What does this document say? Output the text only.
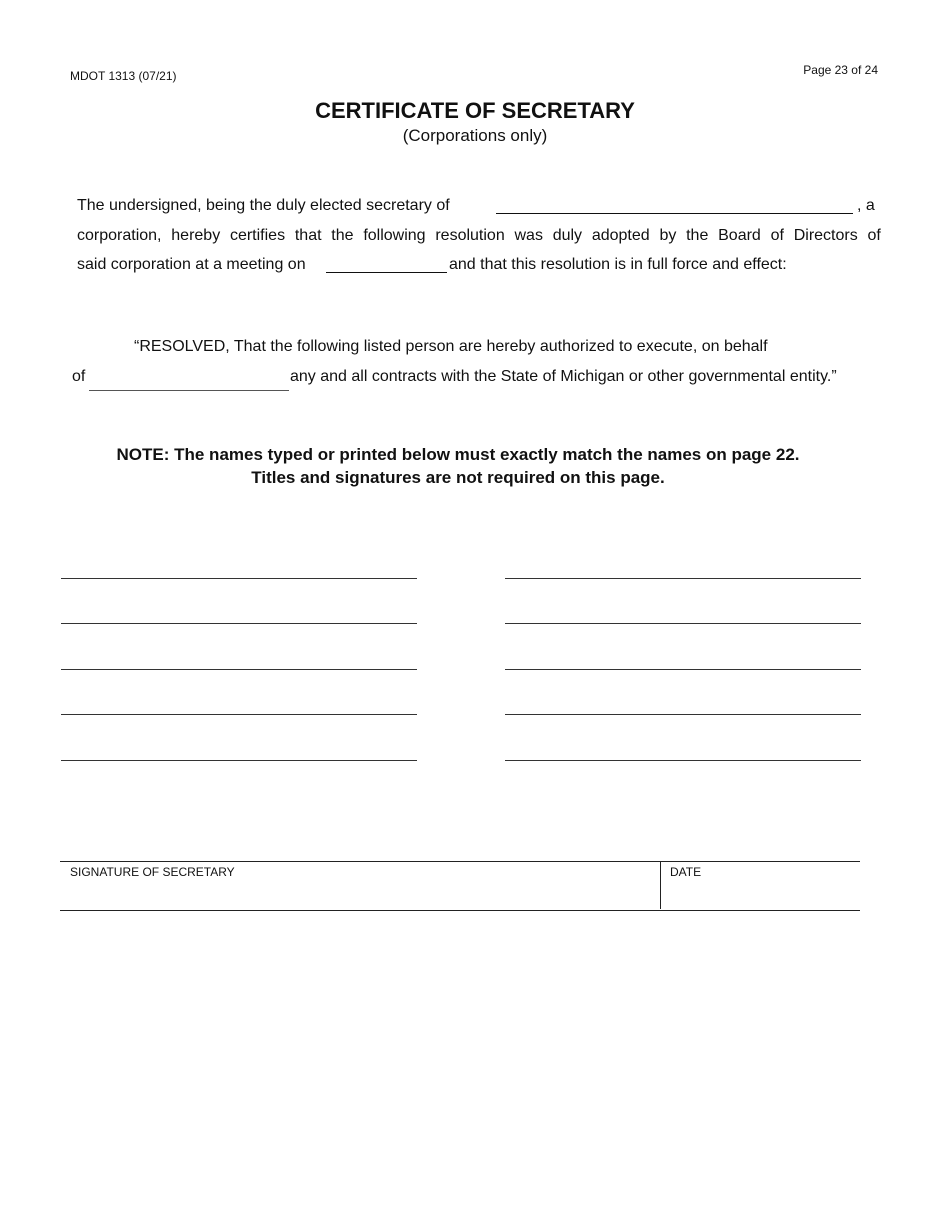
MDOT 1313 (07/21)	Page 23 of 24
CERTIFICATE OF SECRETARY
(Corporations only)
The undersigned, being the duly elected secretary of	, a
corporation, hereby certifies that the following resolution was duly adopted by the Board of Directors of
said corporation at a meeting on	and that this resolution is in full force and effect:
“RESOLVED, That the following listed person are hereby authorized to execute, on behalf
of	any and all contracts with the State of Michigan or other governmental entity.”
NOTE: The names typed or printed below must exactly match the names on page 22.
Titles and signatures are not required on this page.
SIGNATURE OF SECRETARY	DATE
